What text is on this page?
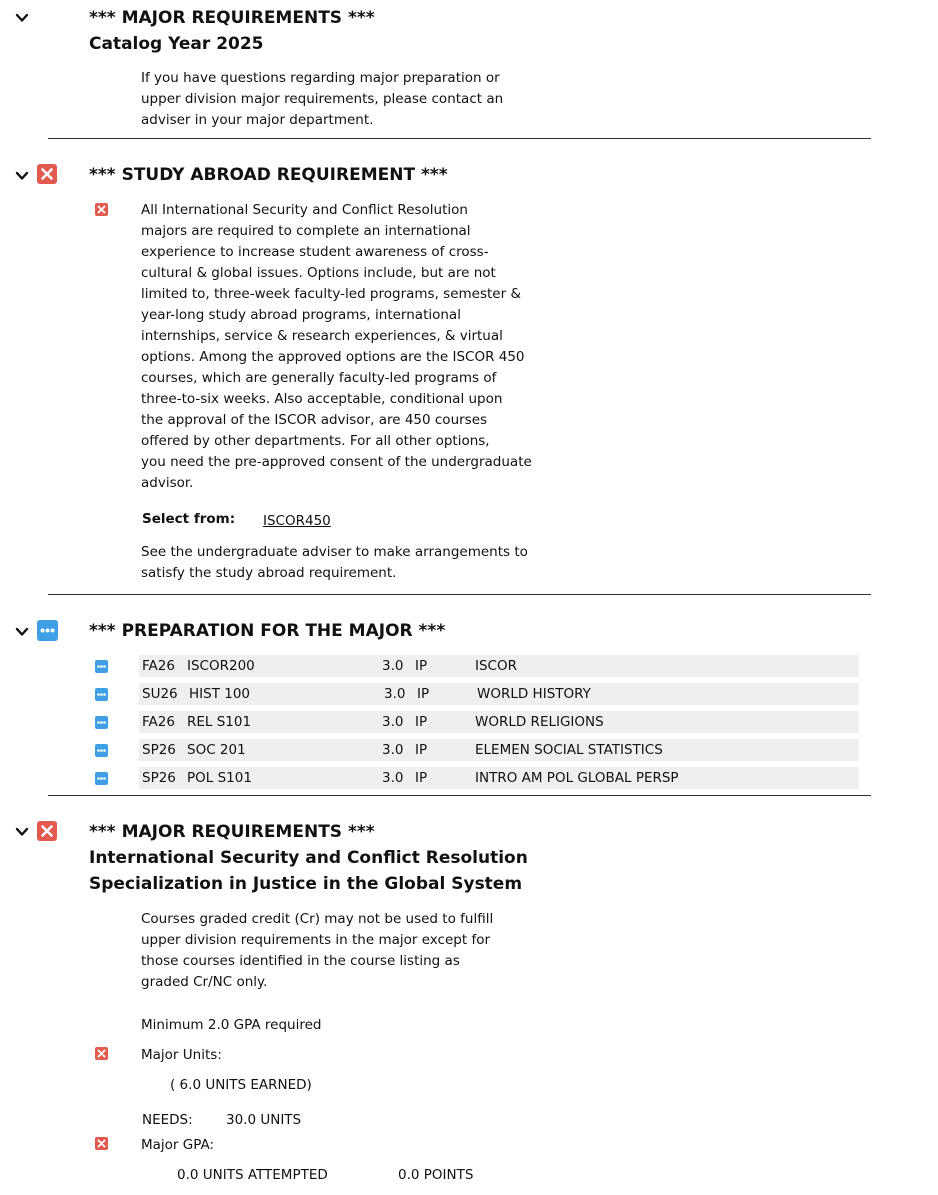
*** MAJOR REQUIREMENTS ***
Catalog Year 2025
If you have questions regarding major preparation or
upper division major requirements, please contact an
adviser in your major department.
*** STUDY ABROAD REQUIREMENT ***
All International Security and Conflict Resolution
majors are required to complete an international
experience to increase student awareness of cross-
cultural & global issues. Options include, but are not
limited to, three-week faculty-led programs, semester &
year-long study abroad programs, international
internships, service & research experiences, & virtual
options. Among the approved options are the ISCOR 450
courses, which are generally faculty-led programs of
three-to-six weeks. Also acceptable, conditional upon
the approval of the ISCOR advisor, are 450 courses
offered by other departments. For all other options,
you need the pre-approved consent of the undergraduate
advisor.
Select from: ISCOR450
See the undergraduate adviser to make arrangements to
satisfy the study abroad requirement.
*** PREPARATION FOR THE MAJOR ***
FA26 ISCOR200	3.0 IP	ISCOR
SU26 HIST 100	3.0 IP	WORLD HISTORY
FA26 REL S101	3.0 IP	WORLD RELIGIONS
SP26 SOC 201	3.0 IP	ELEMEN SOCIAL STATISTICS
SP26 POL S101	3.0 IP	INTRO AM POL GLOBAL PERSP
*** MAJOR REQUIREMENTS ***
International Security and Conflict Resolution
Specialization in Justice in the Global System
Courses graded credit (Cr) may not be used to fulfill
upper division requirements in the major except for
those courses identified in the course listing as
graded Cr/NC only.
Minimum 2.0 GPA required
Major Units:
( 6.0 UNITS EARNED)
NEEDS: 30.0 UNITS
Major GPA:
0.0 UNITS ATTEMPTED	0.0 POINTS
